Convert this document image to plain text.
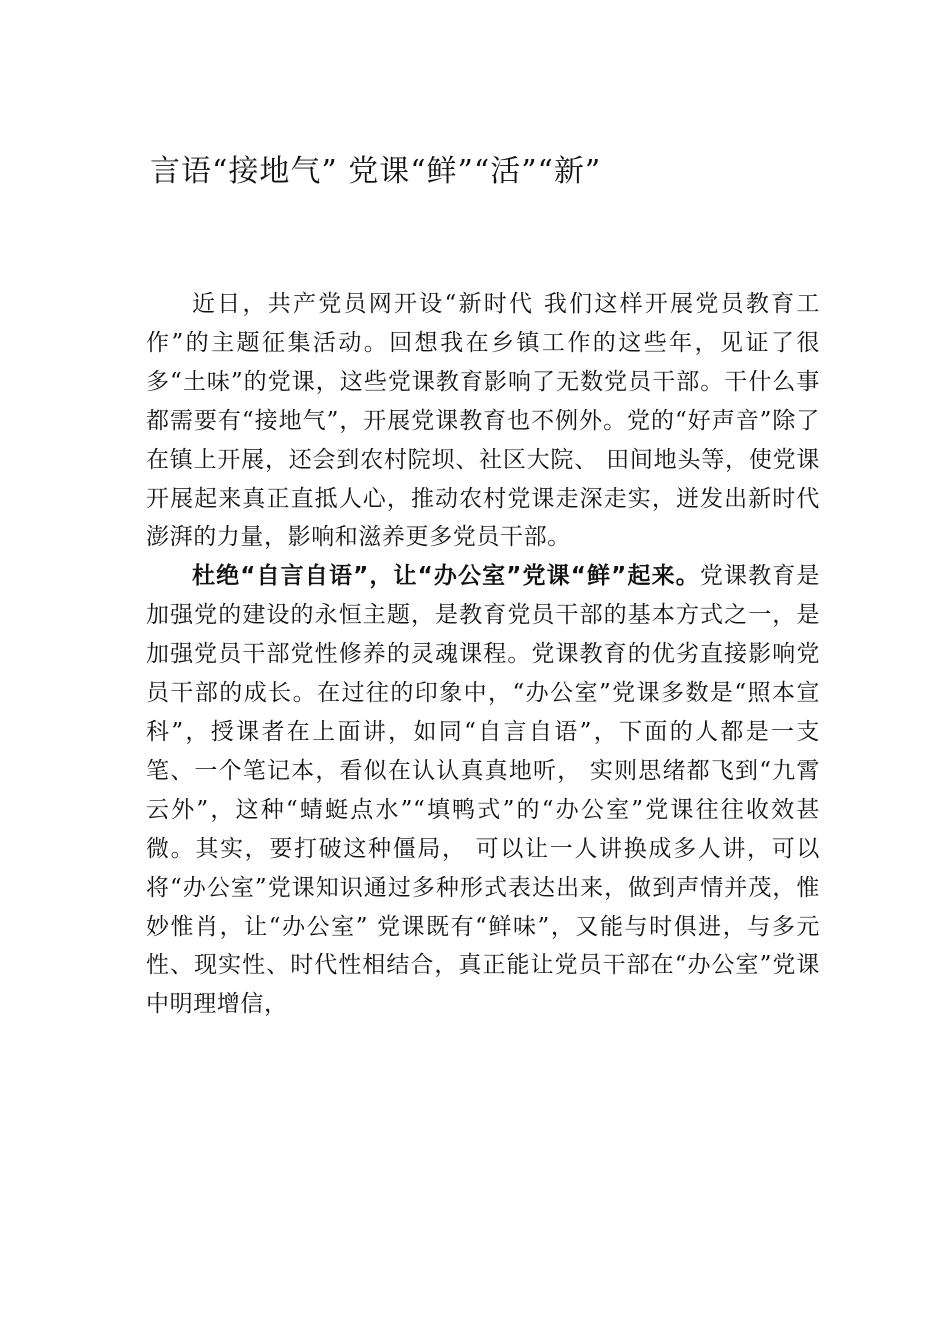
言语“接地气” 党课“鲜”“活”“新”

近日，共产党员网开设“新时代 我们这样开展党员教育工作”的主题征集活动。回想我在乡镇工作的这些年，见证了很多“土味”的党课，这些党课教育影响了无数党员干部。干什么事都需要有“接地气”，开展党课教育也不例外。党的“好声音”除了在镇上开展，还会到农村院坝、社区大院、 田间地头等，使党课开展起来真正直抵人心，推动农村党课走深走实，迸发出新时代澎湃的力量，影响和滋养更多党员干部。

杜绝“自言自语”，让“办公室”党课“鲜”起来。党课教育是加强党的建设的永恒主题，是教育党员干部的基本方式之一，是加强党员干部党性修养的灵魂课程。党课教育的优劣直接影响党员干部的成长。在过往的印象中，“办公室”党课多数是“照本宣科”，授课者在上面讲，如同“自言自语”，下面的人都是一支笔、一个笔记本，看似在认认真真地听， 实则思绪都飞到“九霄云外”，这种“蜻蜓点水”“填鸭式”的“办公室”党课往往收效甚微。其实，要打破这种僵局， 可以让一人讲换成多人讲，可以将“办公室”党课知识通过多种形式表达出来，做到声情并茂，惟妙惟肖，让“办公室” 党课既有“鲜味”，又能与时俱进，与多元性、现实性、时代性相结合，真正能让党员干部在“办公室”党课中明理增信，
